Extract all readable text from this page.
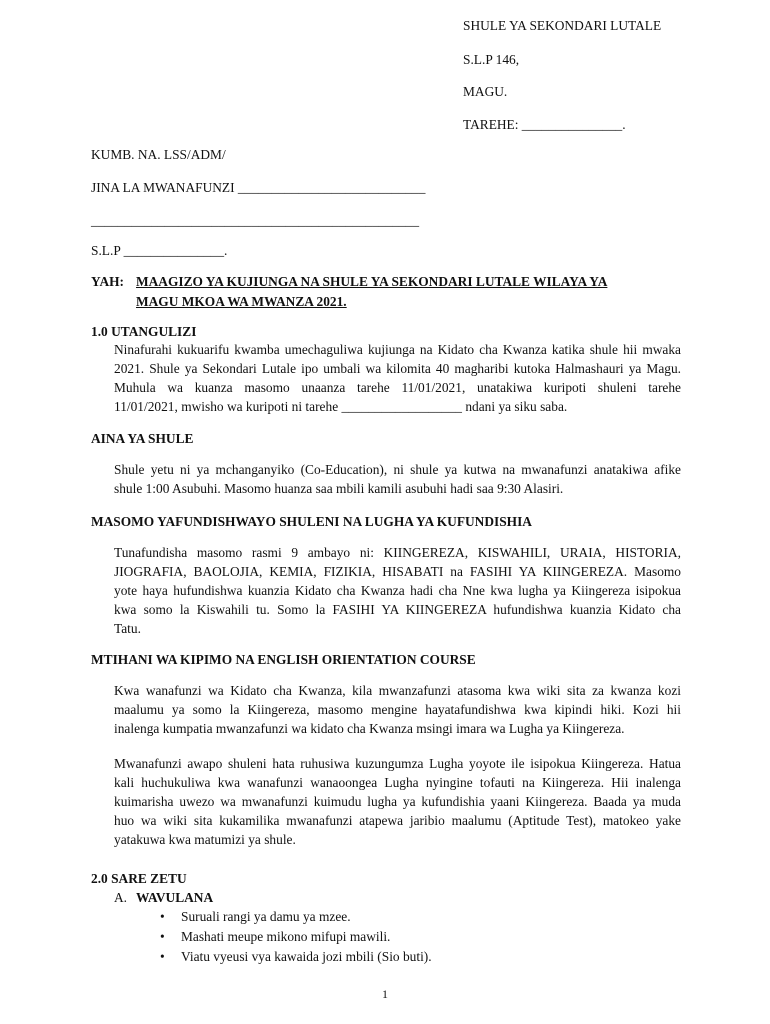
SHULE YA SEKONDARI LUTALE
S.L.P 146,
MAGU.
TAREHE: _______________.
KUMB. NA. LSS/ADM/
JINA LA MWANAFUNZI ____________________________
_________________________________________________
S.L.P _______________.
YAH: MAAGIZO YA KUJIUNGA NA SHULE YA SEKONDARI LUTALE WILAYA YA
MAGU MKOA WA MWANZA 2021.
1.0 UTANGULIZI
Ninafurahi kukuarifu kwamba umechaguliwa kujiunga na Kidato cha Kwanza katika shule hii mwaka
2021. Shule ya Sekondari Lutale ipo umbali wa kilomita 40 magharibi kutoka Halmashauri ya Magu.
Muhula wa kuanza masomo unaanza tarehe 11/01/2021, unatakiwa kuripoti shuleni tarehe
11/01/2021, mwisho wa kuripoti ni tarehe __________________ ndani ya siku saba.
AINA YA SHULE
Shule yetu ni ya mchanganyiko (Co-Education), ni shule ya kutwa na mwanafunzi anatakiwa afike
shule 1:00 Asubuhi. Masomo huanza saa mbili kamili asubuhi hadi saa 9:30 Alasiri.
MASOMO YAFUNDISHWAYO SHULENI NA LUGHA YA KUFUNDISHIA
Tunafundisha masomo rasmi 9 ambayo ni: KIINGEREZA, KISWAHILI, URAIA, HISTORIA,
JIOGRAFIA, BAOLOJIA, KEMIA, FIZIKIA, HISABATI na FASIHI YA KIINGEREZA. Masomo
yote haya hufundishwa kuanzia Kidato cha Kwanza hadi cha Nne kwa lugha ya Kiingereza isipokua
kwa somo la Kiswahili tu. Somo la FASIHI YA KIINGEREZA hufundishwa kuanzia Kidato cha
Tatu.
MTIHANI WA KIPIMO NA ENGLISH ORIENTATION COURSE
Kwa wanafunzi wa Kidato cha Kwanza, kila mwanzafunzi atasoma kwa wiki sita za kwanza kozi
maalumu ya somo la Kiingereza, masomo mengine hayatafundishwa kwa kipindi hiki. Kozi hii
inalenga kumpatia mwanzafunzi wa kidato cha Kwanza msingi imara wa Lugha ya Kiingereza.
Mwanafunzi awapo shuleni hata ruhusiwa kuzungumza Lugha yoyote ile isipokua Kiingereza. Hatua
kali huchukuliwa kwa wanafunzi wanaoongea Lugha nyingine tofauti na Kiingereza. Hii inalenga
kuimarisha uwezo wa mwanafunzi kuimudu lugha ya kufundishia yaani Kiingereza. Baada ya muda
huo wa wiki sita kukamilika mwanafunzi atapewa jaribio maalumu (Aptitude Test), matokeo yake
yatakuwa kwa matumizi ya shule.
2.0 SARE ZETU
A. WAVULANA
• Suruali rangi ya damu ya mzee.
• Mashati meupe mikono mifupi mawili.
• Viatu vyeusi vya kawaida jozi mbili (Sio buti).
1
